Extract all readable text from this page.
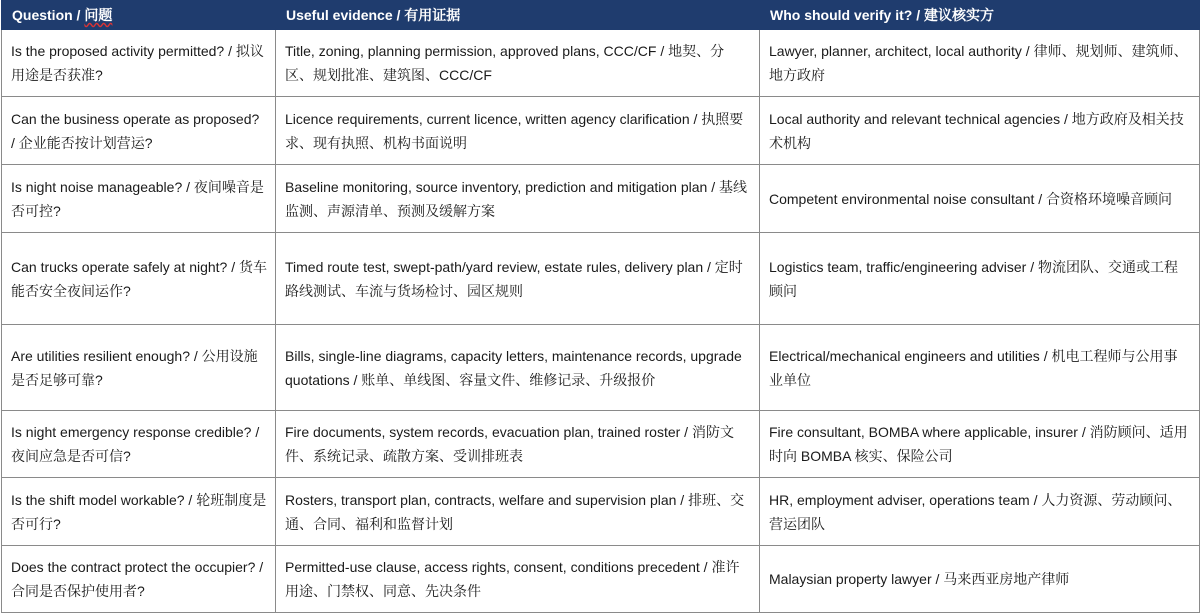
Question / 问题	Useful evidence / 有用证据	Who should verify it? / 建议核实方
Is the proposed activity permitted? / 拟议用途是否获准?	Title, zoning, planning permission, approved plans, CCC/CF / 地契、分区、规划批准、建筑图、CCC/CF	Lawyer, planner, architect, local authority / 律师、规划师、建筑师、地方政府
Can the business operate as proposed? / 企业能否按计划营运?	Licence requirements, current licence, written agency clarification / 执照要求、现有执照、机构书面说明	Local authority and relevant technical agencies / 地方政府及相关技术机构
Is night noise manageable? / 夜间噪音是否可控?	Baseline monitoring, source inventory, prediction and mitigation plan / 基线监测、声源清单、预测及缓解方案	Competent environmental noise consultant / 合资格环境噪音顾问
Can trucks operate safely at night? / 货车能否安全夜间运作?	Timed route test, swept-path/yard review, estate rules, delivery plan / 定时路线测试、车流与货场检讨、园区规则	Logistics team, traffic/engineering adviser / 物流团队、交通或工程顾问
Are utilities resilient enough? / 公用设施是否足够可靠?	Bills, single-line diagrams, capacity letters, maintenance records, upgrade quotations / 账单、单线图、容量文件、维修记录、升级报价	Electrical/mechanical engineers and utilities / 机电工程师与公用事业单位
Is night emergency response credible? / 夜间应急是否可信?	Fire documents, system records, evacuation plan, trained roster / 消防文件、系统记录、疏散方案、受训排班表	Fire consultant, BOMBA where applicable, insurer / 消防顾问、适用时向 BOMBA 核实、保险公司
Is the shift model workable? / 轮班制度是否可行?	Rosters, transport plan, contracts, welfare and supervision plan / 排班、交通、合同、福利和监督计划	HR, employment adviser, operations team / 人力资源、劳动顾问、营运团队
Does the contract protect the occupier? / 合同是否保护使用者?	Permitted-use clause, access rights, consent, conditions precedent / 准许用途、门禁权、同意、先决条件	Malaysian property lawyer / 马来西亚房地产律师
